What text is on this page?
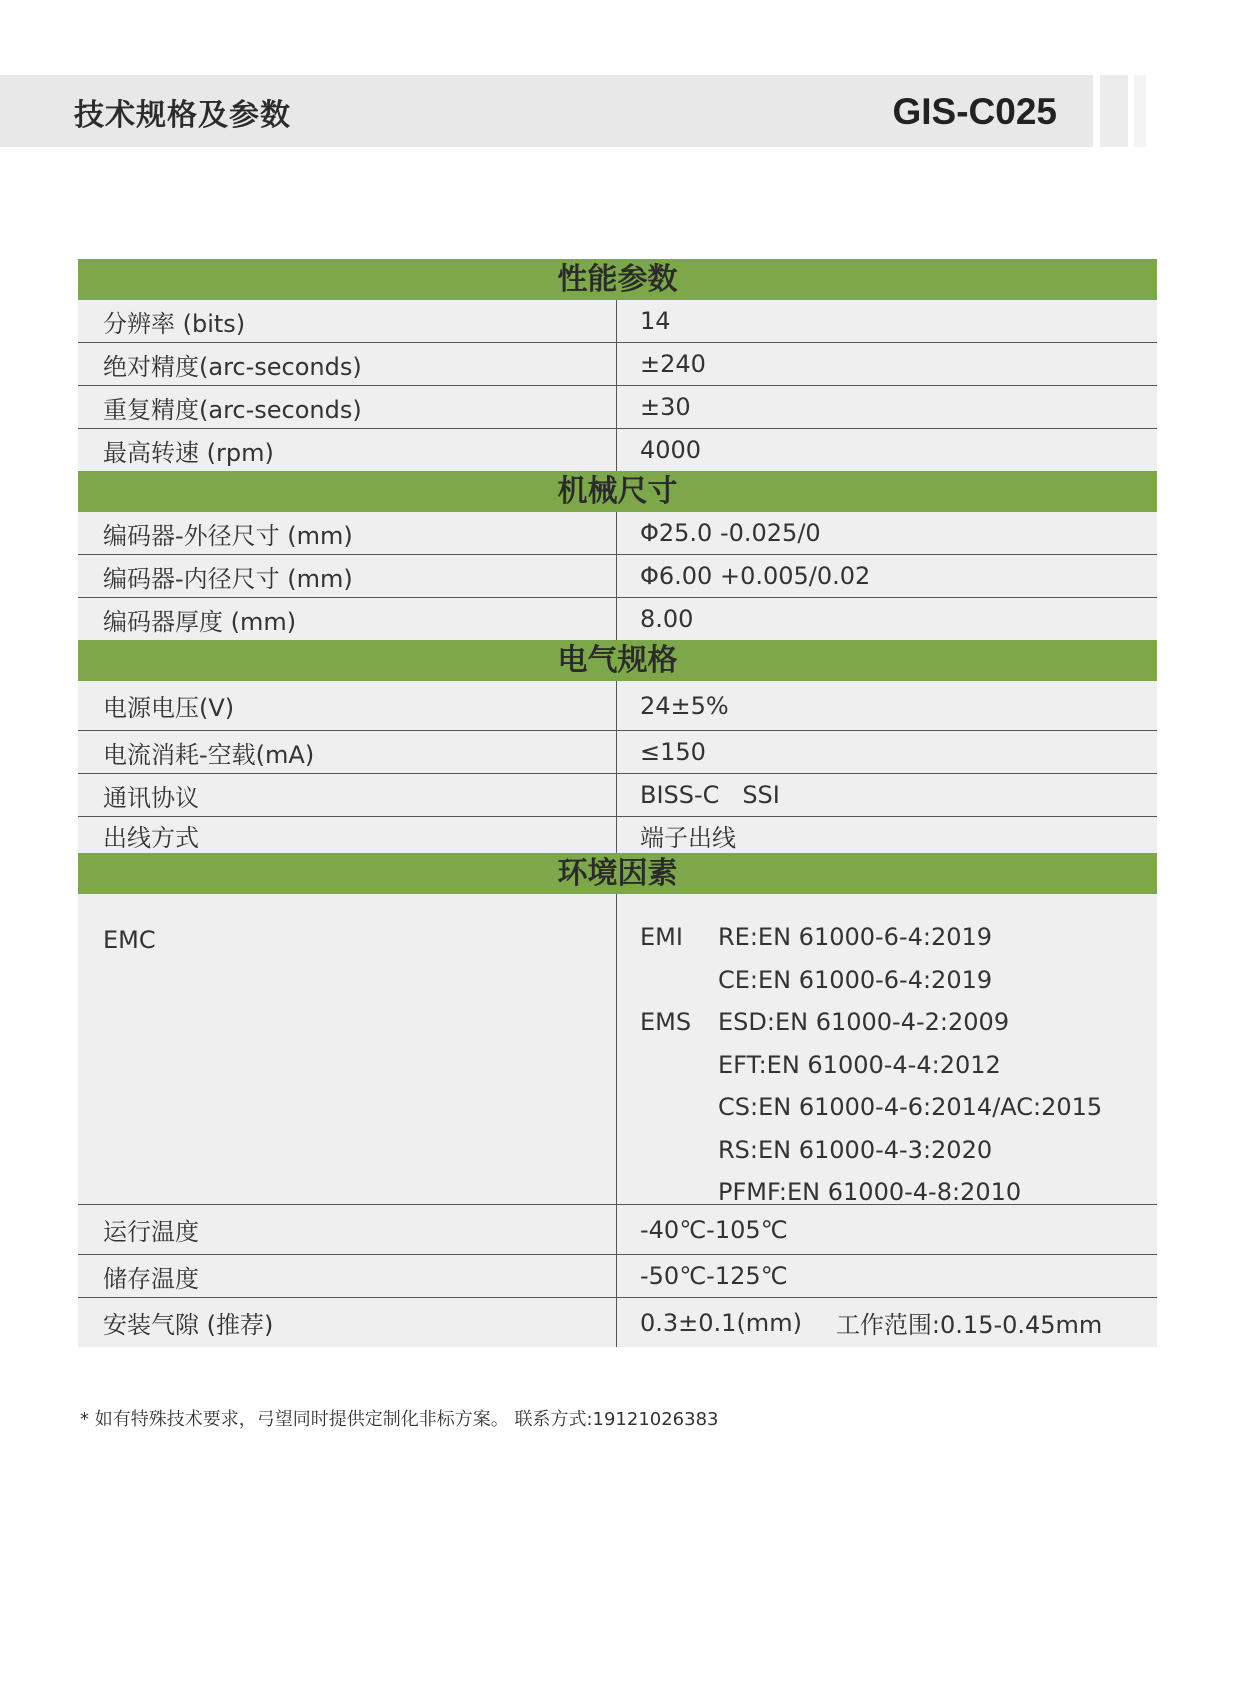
技术规格及参数	GIS-C025
性能参数
分辨率 (bits)	14
绝对精度(arc-seconds)	±240
重复精度(arc-seconds)	±30
最高转速 (rpm)	4000
机械尺寸
编码器-外径尺寸 (mm)	Φ25.0 -0.025/0
编码器-内径尺寸 (mm)	Φ6.00 +0.005/0.02
编码器厚度 (mm)	8.00
电气规格
电源电压(V)	24±5%
电流消耗-空载(mA)	≤150
通讯协议	BISS-C   SSI
出线方式	端子出线
环境因素
EMC	EMI	RE:EN 61000-6-4:2019
CE:EN 61000-6-4:2019
EMS	ESD:EN 61000-4-2:2009
EFT:EN 61000-4-4:2012
CS:EN 61000-4-6:2014/AC:2015
RS:EN 61000-4-3:2020
PFMF:EN 61000-4-8:2010
运行温度	-40℃-105℃
储存温度	-50℃-125℃
安装气隙 (推荐)	0.3±0.1(mm) 工作范围:0.15-0.45mm
* 如有特殊技术要求，弓望同时提供定制化非标方案。 联系方式:19121026383
